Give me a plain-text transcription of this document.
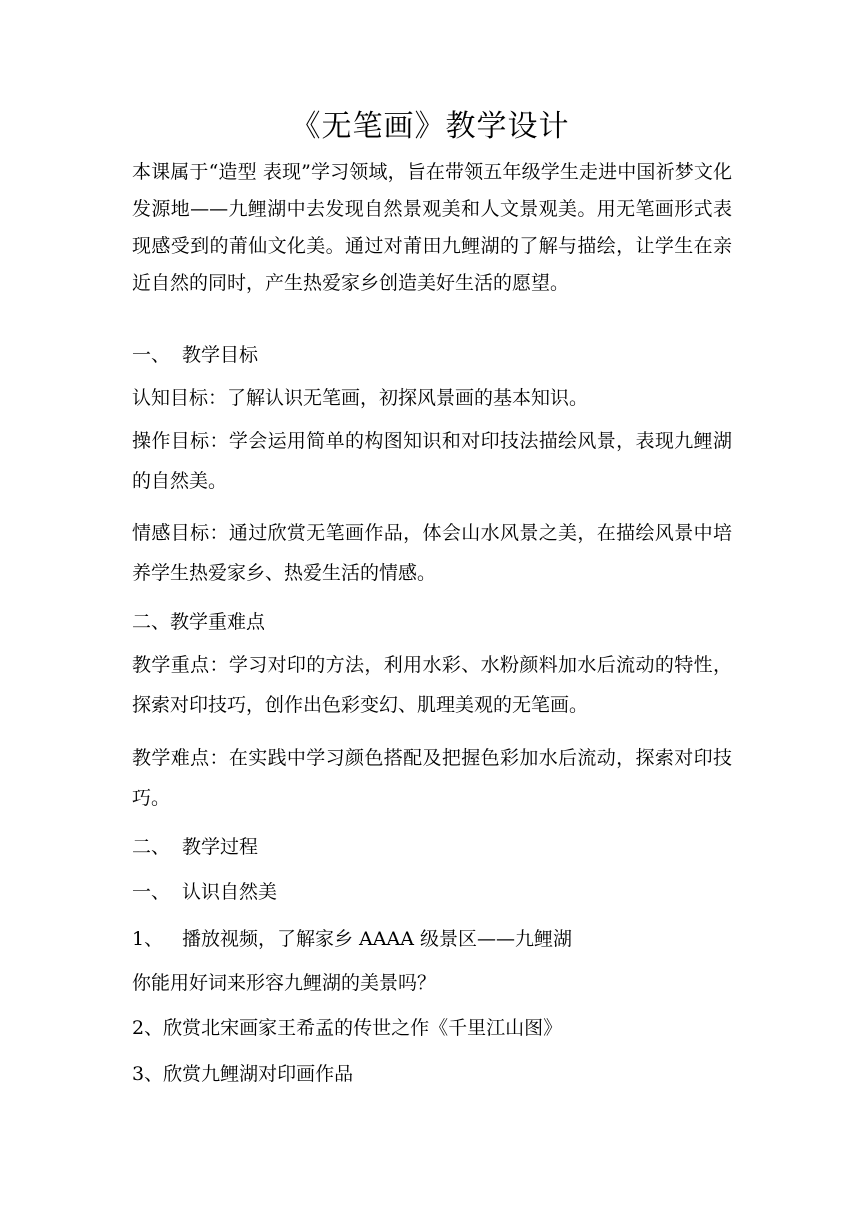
《无笔画》教学设计
本课属于“造型 表现”学习领域，旨在带领五年级学生走进中国祈梦文化发源地——九鲤湖中去发现自然景观美和人文景观美。用无笔画形式表现感受到的莆仙文化美。通过对莆田九鲤湖的了解与描绘，让学生在亲近自然的同时，产生热爱家乡创造美好生活的愿望。
一、 教学目标
认知目标：了解认识无笔画，初探风景画的基本知识。
操作目标：学会运用简单的构图知识和对印技法描绘风景，表现九鲤湖的自然美。
情感目标：通过欣赏无笔画作品，体会山水风景之美，在描绘风景中培养学生热爱家乡、热爱生活的情感。
二、教学重难点
教学重点：学习对印的方法，利用水彩、水粉颜料加水后流动的特性，探索对印技巧，创作出色彩变幻、肌理美观的无笔画。
教学难点：在实践中学习颜色搭配及把握色彩加水后流动，探索对印技巧。
二、 教学过程
一、 认识自然美
1、 播放视频，了解家乡 AAAA 级景区——九鲤湖
你能用好词来形容九鲤湖的美景吗？
2、欣赏北宋画家王希孟的传世之作《千里江山图》
3、欣赏九鲤湖对印画作品
